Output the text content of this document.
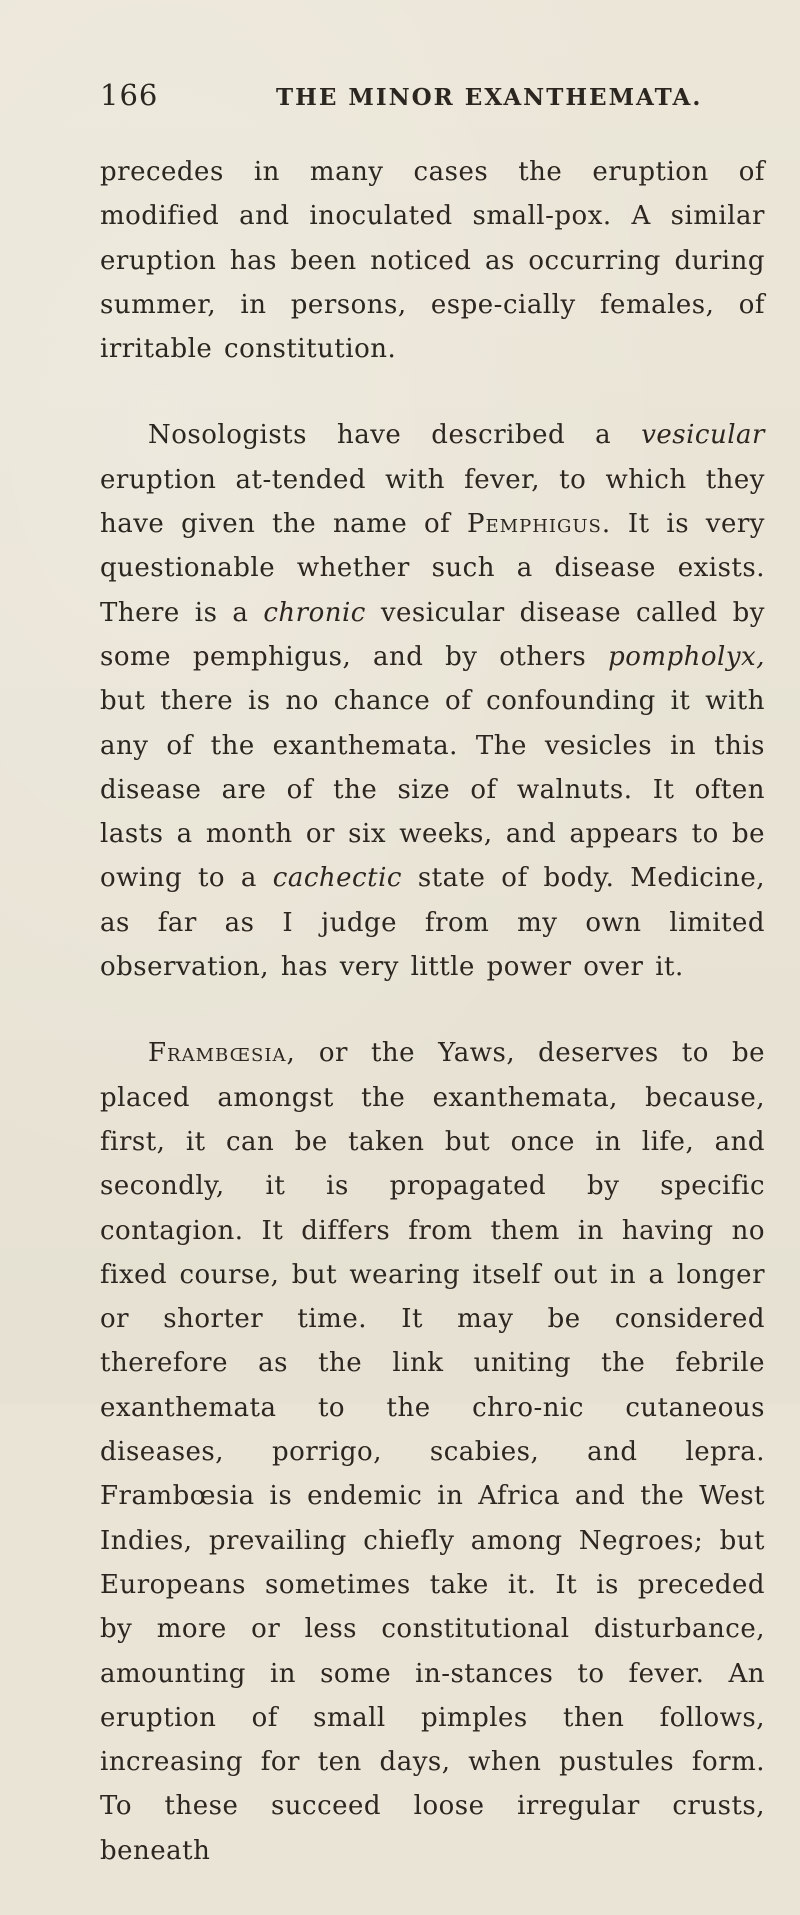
166	THE MINOR EXANTHEMATA.

precedes in many cases the eruption of modified and inoculated small-pox. A similar eruption has been noticed as occurring during summer, in persons, espe-cially females, of irritable constitution.

Nosologists have described a vesicular eruption at-tended with fever, to which they have given the name of Pemphigus. It is very questionable whether such a disease exists. There is a chronic vesicular disease called by some pemphigus, and by others pompholyx, but there is no chance of confounding it with any of the exanthemata. The vesicles in this disease are of the size of walnuts. It often lasts a month or six weeks, and appears to be owing to a cachectic state of body. Medicine, as far as I judge from my own limited observation, has very little power over it.

Frambœsia, or the Yaws, deserves to be placed amongst the exanthemata, because, first, it can be taken but once in life, and secondly, it is propagated by specific contagion. It differs from them in having no fixed course, but wearing itself out in a longer or shorter time. It may be considered therefore as the link uniting the febrile exanthemata to the chro-nic cutaneous diseases, porrigo, scabies, and lepra. Frambœsia is endemic in Africa and the West Indies, prevailing chiefly among Negroes; but Europeans sometimes take it. It is preceded by more or less constitutional disturbance, amounting in some in-stances to fever. An eruption of small pimples then follows, increasing for ten days, when pustules form. To these succeed loose irregular crusts, beneath
